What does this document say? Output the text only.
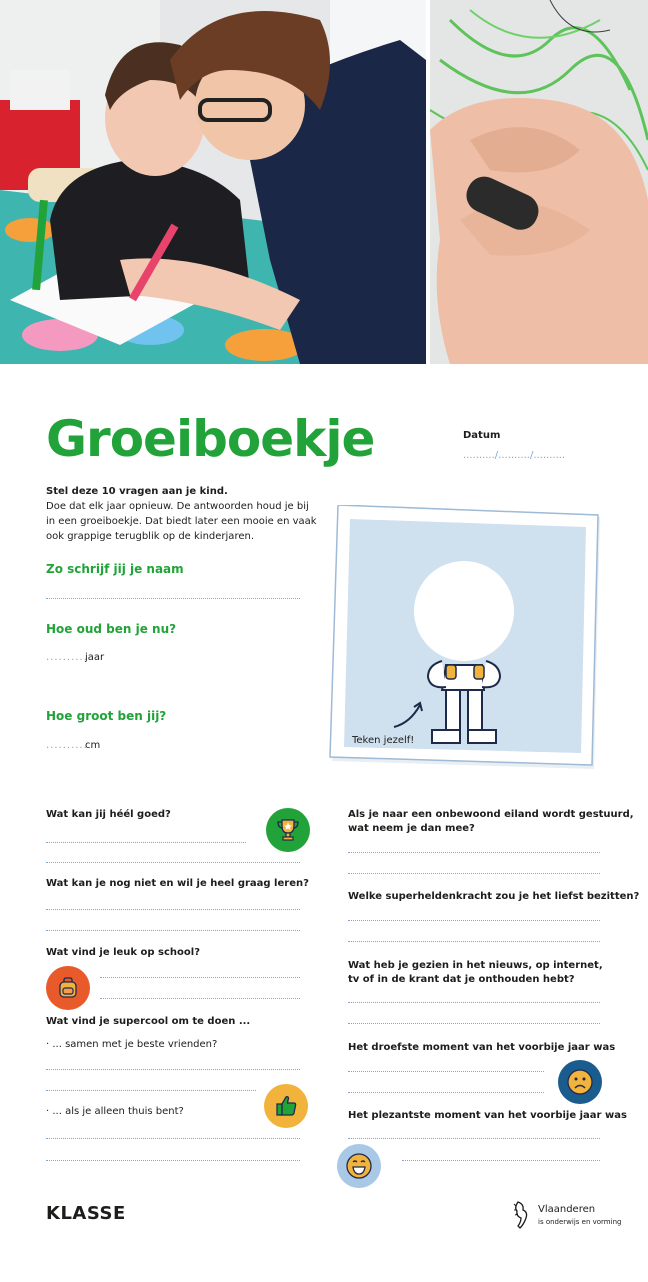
Groeiboekje	Datum
........../........../..........
Stel deze 10 vragen aan je kind.
Doe dat elk jaar opnieuw. De antwoorden houd je bij
in een groeiboekje. Dat biedt later een mooie en vaak
ook grappige terugblik op de kinderjaren.
Zo schrijf jij je naam
Hoe oud ben je nu?
..........
jaar
Hoe groot ben jij?
..........
cm	Teken jezelf!
Wat kan jij héél goed?
Wat kan je nog niet en wil je heel graag leren?
Wat vind je leuk op school?
Wat vind je supercool om te doen ...
· ... samen met je beste vrienden?
· ... als je alleen thuis bent?
Als je naar een onbewoond eiland wordt gestuurd,
wat neem je dan mee?
Welke superheldenkracht zou je het liefst bezitten?
Wat heb je gezien in het nieuws, op internet,
tv of in de krant dat je onthouden hebt?
Het droefste moment van het voorbije jaar was
Het plezantste moment van het voorbije jaar was
KLASSE	Vlaanderen
is onderwijs en vorming
